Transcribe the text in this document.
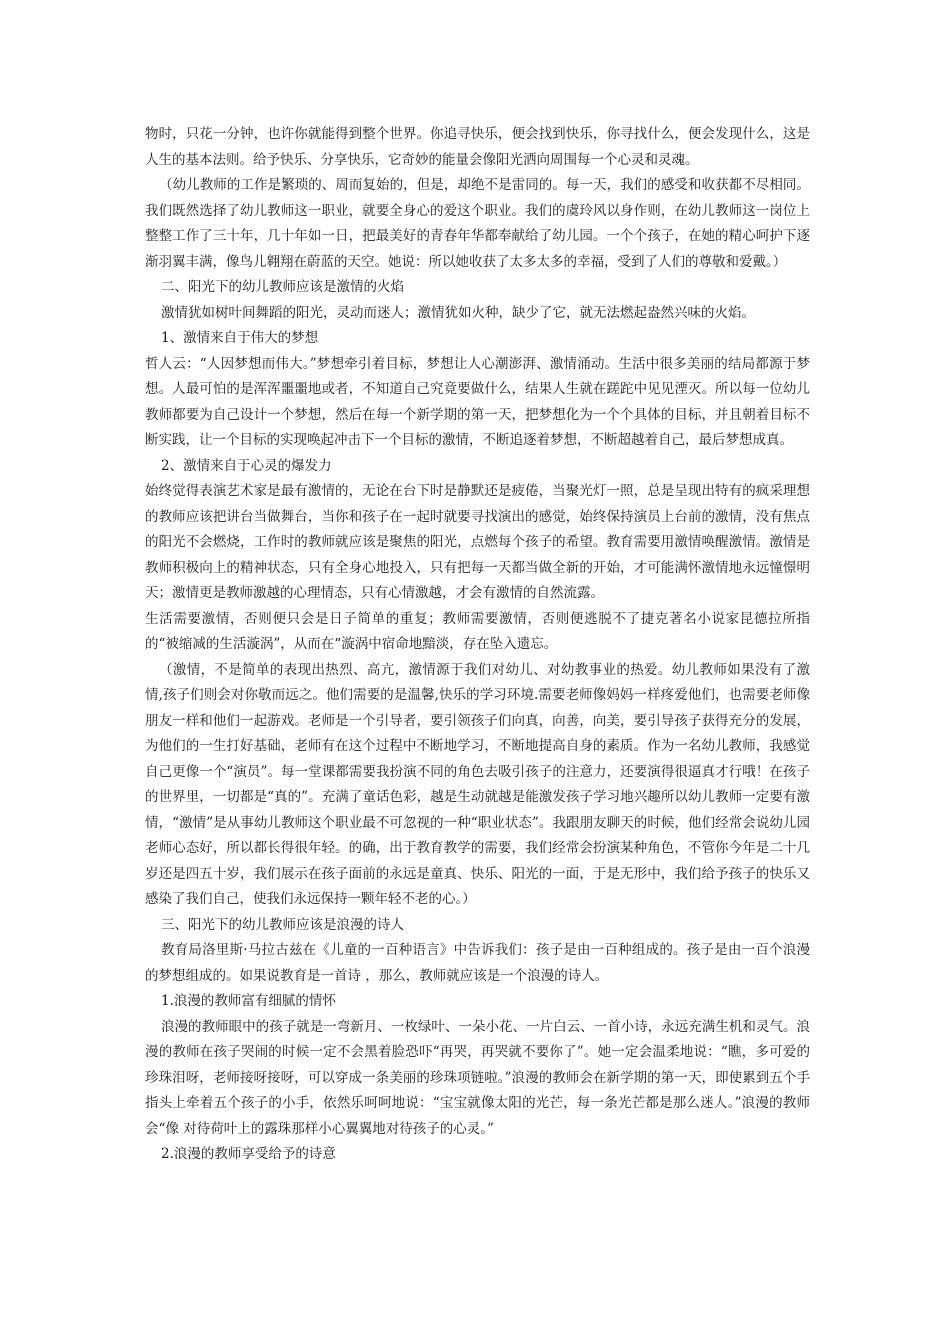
物时，只花一分钟，也许你就能得到整个世界。你追寻快乐，便会找到快乐，你寻找什么，便会发现什么，这是人生的基本法则。给予快乐、分享快乐，它奇妙的能量会像阳光洒向周围每一个心灵和灵魂。

（幼儿教师的工作是繁琐的、周而复始的，但是，却绝不是雷同的。每一天，我们的感受和收获都不尽相同。我们既然选择了幼儿教师这一职业，就要全身心的爱这个职业。我们的虞玲风以身作则，在幼儿教师这一岗位上整整工作了三十年，几十年如一日，把最美好的青春年华都奉献给了幼儿园。一个个孩子，在她的精心呵护下逐渐羽翼丰满，像鸟儿翱翔在蔚蓝的天空。她说：所以她收获了太多太多的幸福，受到了人们的尊敬和爱戴。）

二、阳光下的幼儿教师应该是激情的火焰

激情犹如树叶间舞蹈的阳光，灵动而迷人；激情犹如火种，缺少了它，就无法燃起盎然兴味的火焰。

1、激情来自于伟大的梦想

哲人云：“人因梦想而伟大。”梦想牵引着目标，梦想让人心潮澎湃、激情涌动。生活中很多美丽的结局都源于梦想。人最可怕的是浑浑噩噩地或者，不知道自己究竟要做什么，结果人生就在蹉跎中见见湮灭。所以每一位幼儿教师都要为自己设计一个梦想，然后在每一个新学期的第一天，把梦想化为一个个具体的目标，并且朝着目标不断实践，让一个目标的实现唤起冲击下一个目标的激情，不断追逐着梦想，不断超越着自己，最后梦想成真。

2、激情来自于心灵的爆发力

始终觉得表演艺术家是最有激情的，无论在台下时是静默还是疲倦，当聚光灯一照，总是呈现出特有的疯采理想的教师应该把讲台当做舞台，当你和孩子在一起时就要寻找演出的感觉，始终保持演员上台前的激情，没有焦点的阳光不会燃烧，工作时的教师就应该是聚焦的阳光，点燃每个孩子的希望。教育需要用激情唤醒激情。激情是教师积极向上的精神状态，只有全身心地投入，只有把每一天都当做全新的开始，才可能满怀激情地永远憧憬明天；激情更是教师激越的心理情态，只有心情激越，才会有激情的自然流露。

生活需要激情，否则便只会是日子简单的重复；教师需要激情，否则便逃脱不了捷克著名小说家昆德拉所指的“被缩减的生活漩涡”，从而在“漩涡中宿命地黯淡，存在坠入遗忘。

（激情，不是简单的表现出热烈、高亢，激情源于我们对幼儿、对幼教事业的热爱。幼儿教师如果没有了激情,孩子们则会对你敬而远之。他们需要的是温馨,快乐的学习环境.需要老师像妈妈一样疼爱他们，也需要老师像朋友一样和他们一起游戏。老师是一个引导者，要引领孩子们向真，向善，向美，要引导孩子获得充分的发展，为他们的一生打好基础，老师有在这个过程中不断地学习，不断地提高自身的素质。作为一名幼儿教师，我感觉自己更像一个“演员”。每一堂课都需要我扮演不同的角色去吸引孩子的注意力，还要演得很逼真才行哦！在孩子的世界里，一切都是“真的”。充满了童话色彩，越是生动就越是能激发孩子学习地兴趣所以幼儿教师一定要有激情，“激情”是从事幼儿教师这个职业最不可忽视的一种“职业状态”。我跟朋友聊天的时候，他们经常会说幼儿园老师心态好，所以都长得很年轻。的确，出于教育教学的需要，我们经常会扮演某种角色，不管你今年是二十几岁还是四五十岁，我们展示在孩子面前的永远是童真、快乐、阳光的一面，于是无形中，我们给予孩子的快乐又感染了我们自己，使我们永远保持一颗年轻不老的心。）

三、阳光下的幼儿教师应该是浪漫的诗人

教育局洛里斯·马拉古兹在《儿童的一百种语言》中告诉我们：孩子是由一百种组成的。孩子是由一百个浪漫的梦想组成的。如果说教育是一首诗 ，那么，教师就应该是一个浪漫的诗人。

1.浪漫的教师富有细腻的情怀

浪漫的教师眼中的孩子就是一弯新月、一枚绿叶、一朵小花、一片白云、一首小诗，永远充满生机和灵气。浪漫的教师在孩子哭闹的时候一定不会黑着脸恐吓“再哭，再哭就不要你了”。她一定会温柔地说：“瞧，多可爱的珍珠泪呀，老师接呀接呀，可以穿成一条美丽的珍珠项链啦。”浪漫的教师会在新学期的第一天，即使累到五个手指头上牵着五个孩子的小手，依然乐呵呵地说：“宝宝就像太阳的光芒，每一条光芒都是那么迷人。”浪漫的教师会“像 对待荷叶上的露珠那样小心翼翼地对待孩子的心灵。”

2.浪漫的教师享受给予的诗意
